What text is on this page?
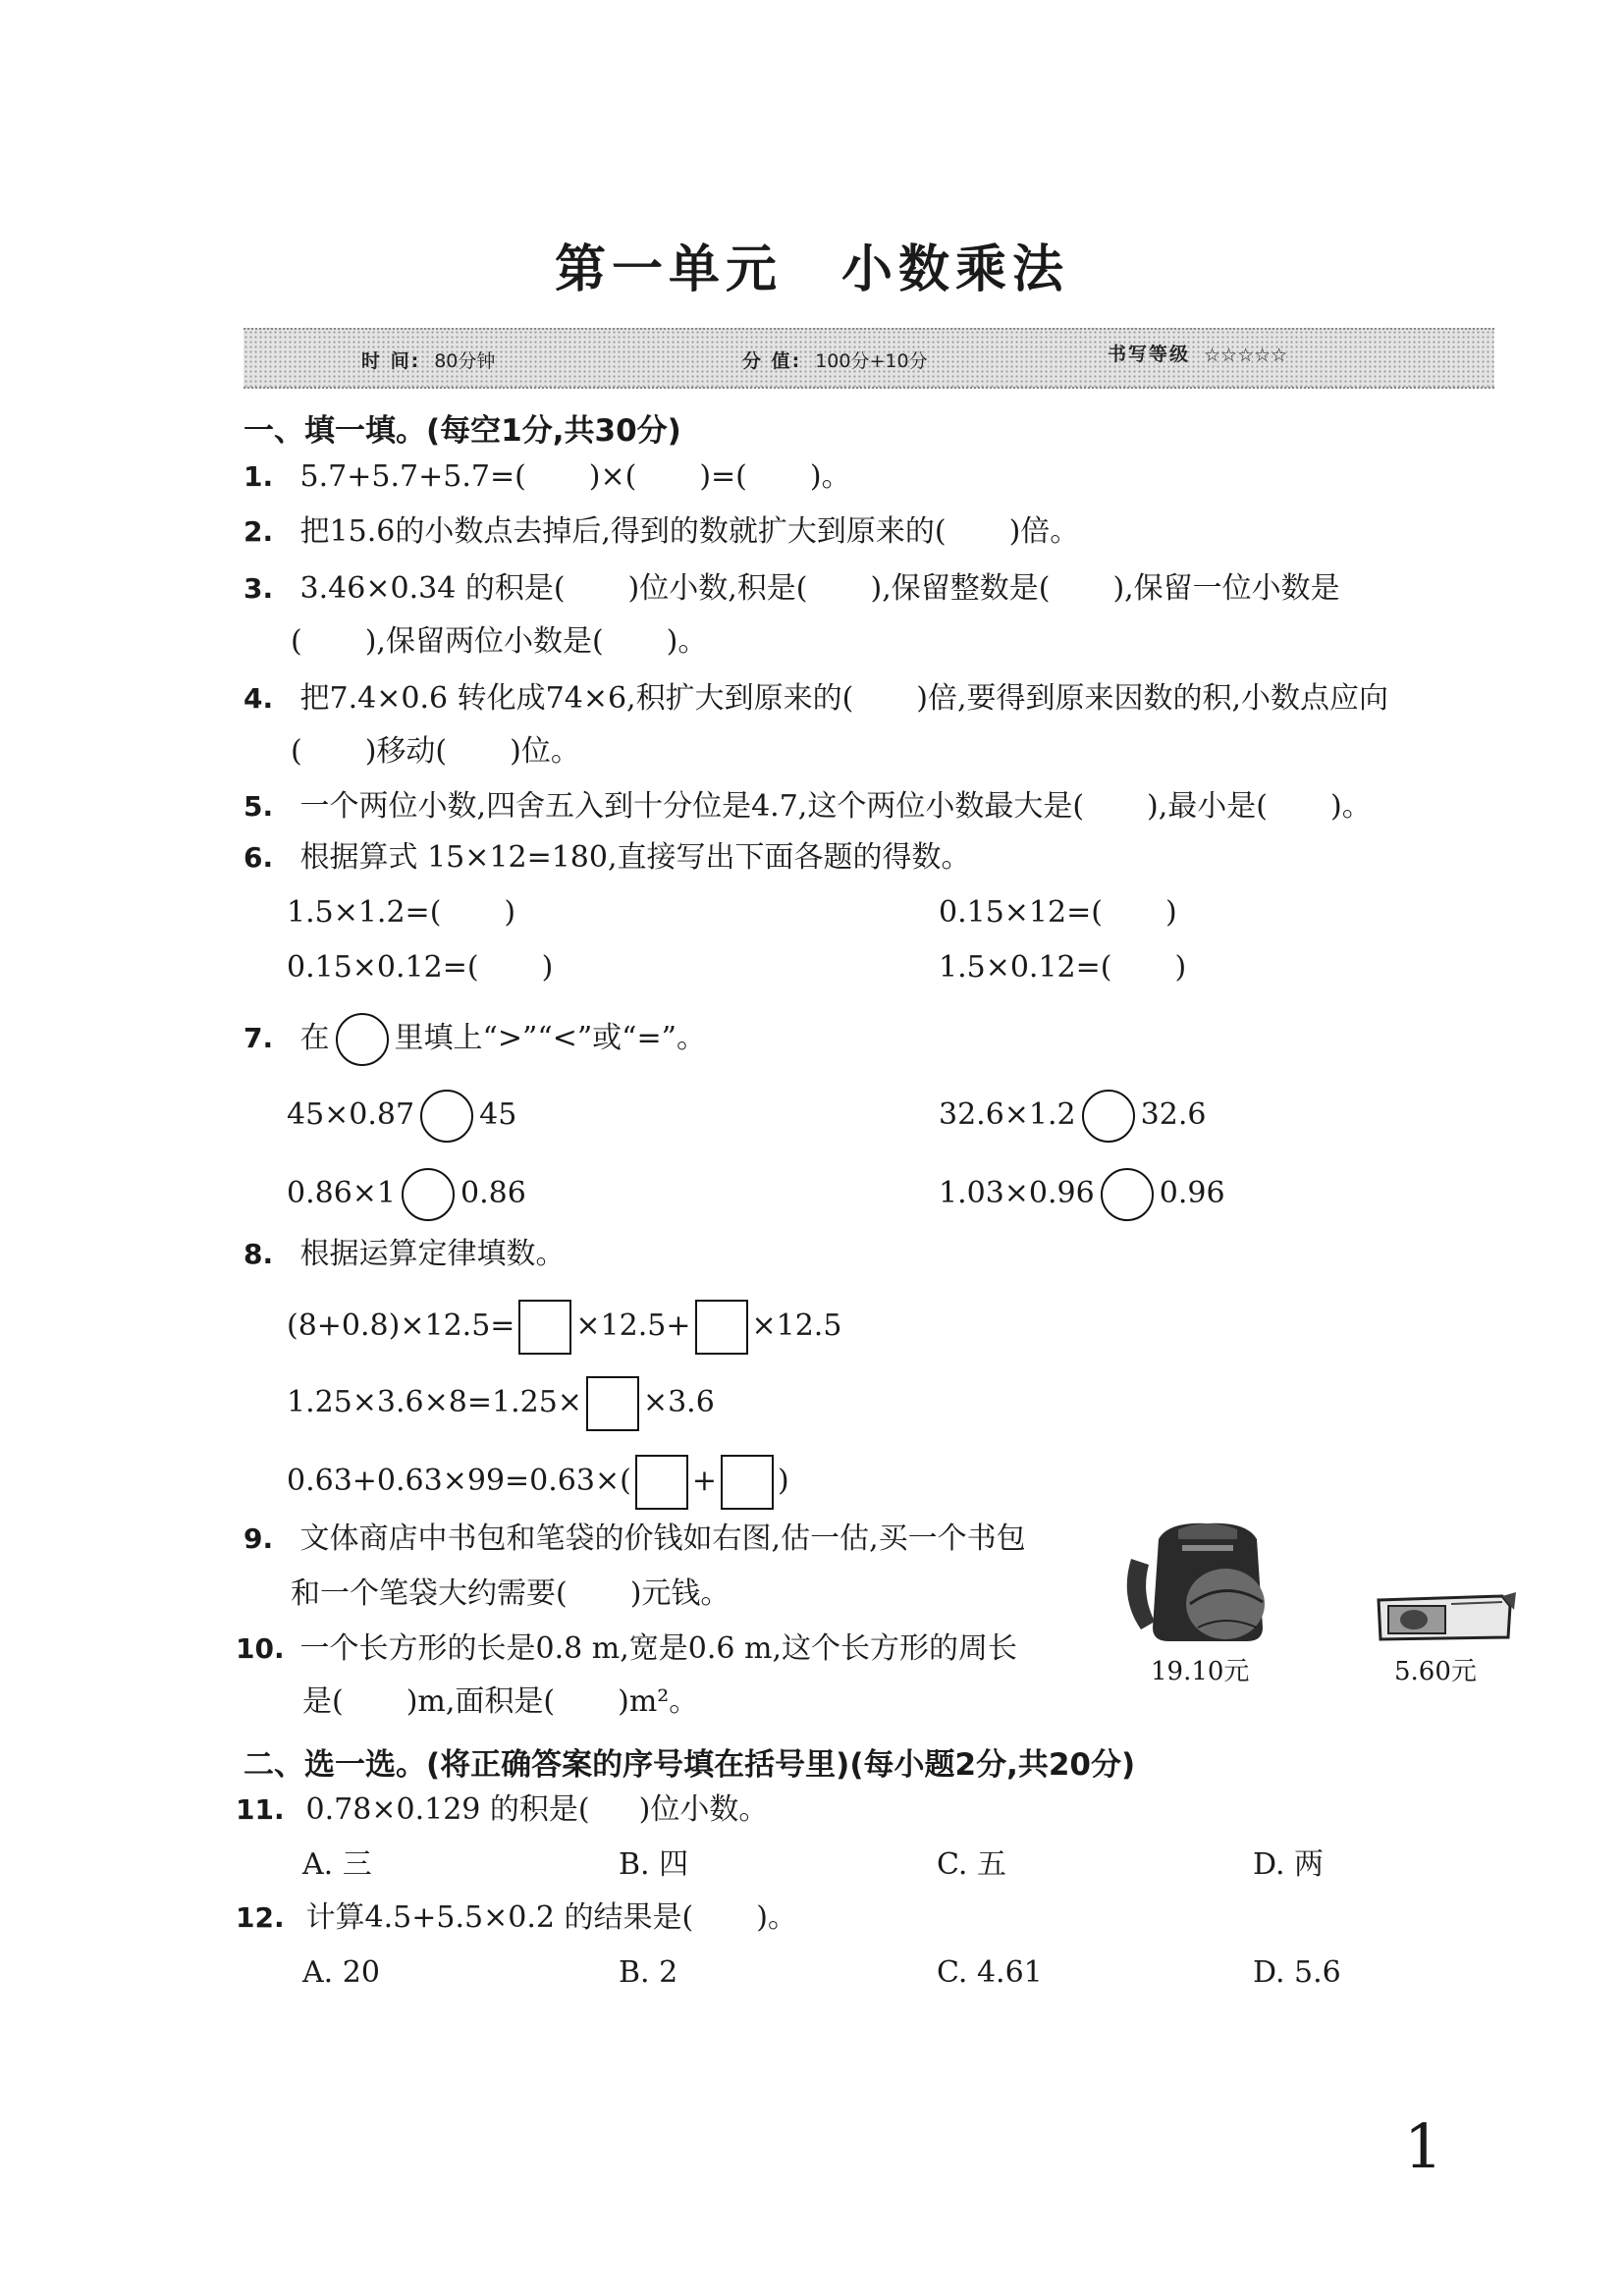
第一单元 小数乘法
时 间: 80分钟	分 值: 100分+10分	书写等级 ☆☆☆☆☆
一、填一填。(每空1分,共30分)
1. 5.7+5.7+5.7=( )×( )=( )。
2. 把15.6的小数点去掉后,得到的数就扩大到原来的( )倍。
3. 3.46×0.34 的积是( )位小数,积是( ),保留整数是( ),保留一位小数是
( ),保留两位小数是( )。
4. 把7.4×0.6 转化成74×6,积扩大到原来的( )倍,要得到原来因数的积,小数点应向
( )移动( )位。
5. 一个两位小数,四舍五入到十分位是4.7,这个两位小数最大是( ),最小是( )。
6. 根据算式 15×12=180,直接写出下面各题的得数。
1.5×1.2=( )	0.15×12=( )
0.15×0.12=( )	1.5×0.12=( )
7. 在 里填上“>”“<”或“=”。
45×0.87 45	32.6×1.2 32.6
0.86×1 0.86	1.03×0.96 0.96
8. 根据运算定律填数。
(8+0.8)×12.5= ×12.5+ ×12.5
1.25×3.6×8=1.25× ×3.6
0.63+0.63×99=0.63×( + )
9. 文体商店中书包和笔袋的价钱如右图,估一估,买一个书包
和一个笔袋大约需要( )元钱。
10. 一个长方形的长是0.8 m,宽是0.6 m,这个长方形的周长
是( )m,面积是( )m²。
19.10元	5.60元
二、选一选。(将正确答案的序号填在括号里)(每小题2分,共20分)
11. 0.78×0.129 的积是( )位小数。
A. 三	B. 四	C. 五	D. 两
12. 计算4.5+5.5×0.2 的结果是( )。
A. 20	B. 2	C. 4.61	D. 5.6
1
